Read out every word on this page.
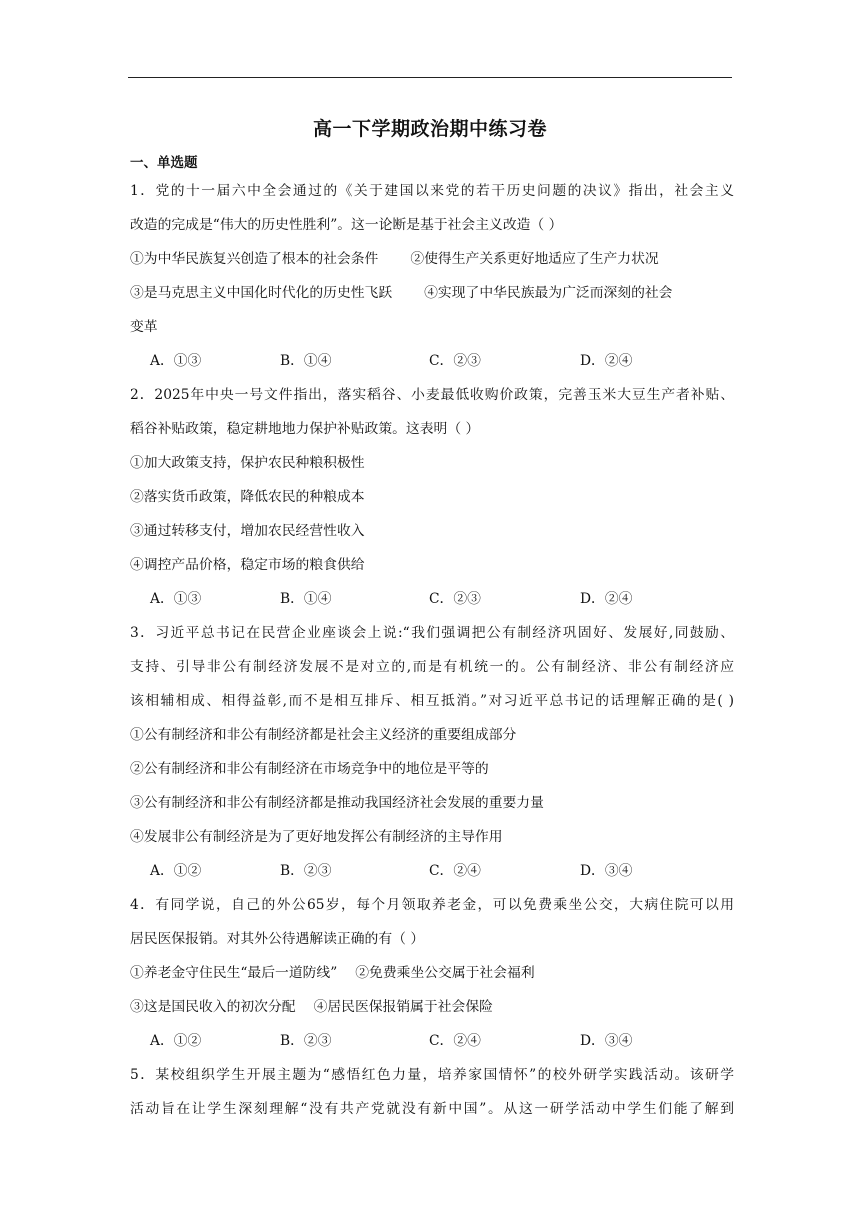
高一下学期政治期中练习卷
一、单选题
1．党的十一届六中全会通过的《关于建国以来党的若干历史问题的决议》指出，社会主义
改造的完成是“伟大的历史性胜利”。这一论断是基于社会主义改造（ ）
①为中华民族复兴创造了根本的社会条件 ②使得生产关系更好地适应了生产力状况
③是马克思主义中国化时代化的历史性飞跃 ④实现了中华民族最为广泛而深刻的社会
变革
A．①③	B．①④	C．②③	D．②④
2．2025年中央一号文件指出，落实稻谷、小麦最低收购价政策，完善玉米大豆生产者补贴、
稻谷补贴政策，稳定耕地地力保护补贴政策。这表明（ ）
①加大政策支持，保护农民种粮积极性
②落实货币政策，降低农民的种粮成本
③通过转移支付，增加农民经营性收入
④调控产品价格，稳定市场的粮食供给
A．①③	B．①④	C．②③	D．②④
3．习近平总书记在民营企业座谈会上说:“我们强调把公有制经济巩固好、发展好,同鼓励、
支持、引导非公有制经济发展不是对立的,而是有机统一的。公有制经济、非公有制经济应
该相辅相成、相得益彰,而不是相互排斥、相互抵消。”对习近平总书记的话理解正确的是( )
①公有制经济和非公有制经济都是社会主义经济的重要组成部分
②公有制经济和非公有制经济在市场竞争中的地位是平等的
③公有制经济和非公有制经济都是推动我国经济社会发展的重要力量
④发展非公有制经济是为了更好地发挥公有制经济的主导作用
A．①②	B．②③	C．②④	D．③④
4．有同学说，自己的外公65岁，每个月领取养老金，可以免费乘坐公交，大病住院可以用
居民医保报销。对其外公待遇解读正确的有（ ）
①养老金守住民生“最后一道防线” ②免费乘坐公交属于社会福利
③这是国民收入的初次分配 ④居民医保报销属于社会保险
A．①②	B．②③	C．②④	D．③④
5．某校组织学生开展主题为“感悟红色力量，培养家国情怀”的校外研学实践活动。该研学
活动旨在让学生深刻理解“没有共产党就没有新中国”。从这一研学活动中学生们能了解到
